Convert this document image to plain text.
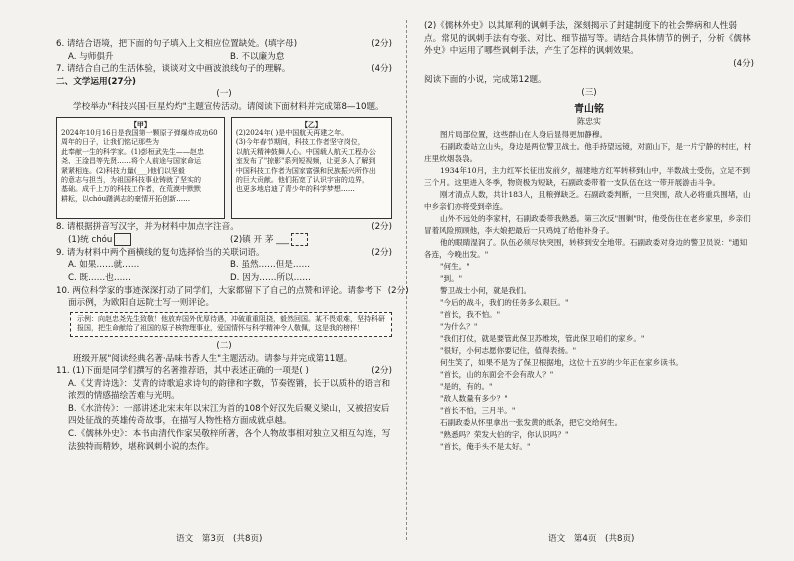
6. 请结合语境，把下面的句子填入上文相应位置缺处。(填字母)	(2分)
A. 与师俱升	B. 不以廉为怠
7. 请结合自己的生活体验，谈谈对文中画波浪线句子的理解。	(4分)
二、文学运用(27分)
(一)

学校举办"科技兴国·巨星灼灼"主题宣传活动。请阅读下面材料并完成第8—10题。

【甲】
2024年10月16日是我国第一颗原子弹爆炸成功60周年的日子，让我们铭记那些为
此奉献一生的科学家。(1)彭桓武先生——赵忠
尧、王淦昌等先贤……将个人前途与国家命运
紧紧相连。(2)科技力量(___)他们以坚毅
的意志与担当，为祖国科技事业铸就了坚实的
基础。成千上万的科技工作者，在荒漠中默默
耕耘，以chóu躇满志的豪情开拓创新……
【乙】
(2)2024年( )是中国航天再建之年。
(3)今年春节期间，科技工作者坚守岗位，
以航天精神鼓舞人心。中国载人航天工程办公
室发布了"掠影"系列短视频，让更多人了解到
中国科技工作者为国家富强和民族振兴所作出
的巨大贡献。他们拓宽了认识宇宙的边界，
也更多地启迪了青少年的科学梦想……
8. 请根据拼音写汉字，并为材料中加点字注音。	(2分)
(1)统 chóu	(2)镇 开 茅 ___
9. 请为材料中两个画横线的复句选择恰当的关联词语。	(2分)
A. 如果……就……	B. 虽然……但是……
C. 既……也……	D. 因为……所以……
10. 两位科学家的事迹深深打动了同学们，大家都留下了自己的点赞和评论。请参考下 (2分)
面示例，为欧阳自远院士写一则评论。
示例：向赵忠尧先生致敬！他放弃国外优厚待遇，冲破重重阻挠，毅然回国。某不畏艰难，坚持科研报国，把生命献给了祖国的原子核物理事业，爱国情怀与科学精神令人敬佩，这是我的榜样！
(二)

班级开展"阅读经典名著·品味书香人生"主题活动。请参与并完成第11题。

11. (1)下面是同学们撰写的名著推荐语，其中表述正确的一项是( )	(2分)
A.《艾青诗选》：艾青的诗歌追求诗句的韵律和字数，节奏铿锵，长于以质朴的语言和浓烈的情感描绘苦难与光明。
B.《水浒传》：一部讲述北宋末年以宋江为首的108个好汉先后聚义梁山，又被招安后四处征战的英雄传奇故事，在描写人物性格方面成就卓越。
C.《儒林外史》：本书由清代作家吴敬梓所著，各个人物故事相对独立又相互勾连，写法独特而精妙，堪称讽刺小说的杰作。
语文　第3页　(共8页)
(2)《儒林外史》以其犀利的讽刺手法，深刻揭示了封建制度下的社会弊病和人性弱点。常见的讽刺手法有夸张、对比、细节描写等。请结合具体情节的例子，分析《儒林外史》中运用了哪些讽刺手法，产生了怎样的讽刺效果。
(4分)
阅读下面的小说，完成第12题。
(三)
青山铭
陈忠实

图片局部位置，这些群山在人身后显得更加静穆。

石副政委站立山头，身边是两位警卫战士。他手持望远镜，对面山下，是一片宁静的村庄，村庄里炊烟袅袅。

1934年10月，主力红军长征出发前夕，福建地方红军转移到山中，半数战士受伤，立足不到三个月。这里进入冬季，物资极为短缺，石副政委带着一支队伍在这一带开展游击斗争。

刚才清点人数，共计183人，且粮弹缺乏。石副政委判断，一旦突围，敌人必将重兵围堵，山中乡亲们亦将受到牵连。

山外不远处的李家村，石副政委带我熟悉。第三次反"围剿"时，他受伤住在老乡家里，乡亲们冒着风险照顾他，李大娘把最后一只鸡炖了给他补身子。

他的眼睛湿润了。队伍必须尽快突围，转移到安全地带。石副政委对身边的警卫员说："通知各连，今晚出发。"

"何生。"

"到。"

警卫战士小何，就是我们。

"今后的战斗，我们的任务多么艰巨。"

"首长，我不怕。"

"为什么？"

"我们打仗，就是要管此保卫苏维埃，管此保卫咱们的家乡。"

"很好，小何志愿你要记住，值得表扬。"

何生笑了，如果不是为了保卫根据地，这位十五岁的少年正在家乡读书。

"首长，山的东面会不会有敌人？"

"是的，有的。"

"敌人数量有多少？"

"首长不怕，三月半。"

石副政委从怀里拿出一张发黄的纸条，把它交给何生。

"熟悉吗？荣发大伯的字，你认识吗？"

"首长，俺手头不是太好。"

语文　第4页　(共8页)
